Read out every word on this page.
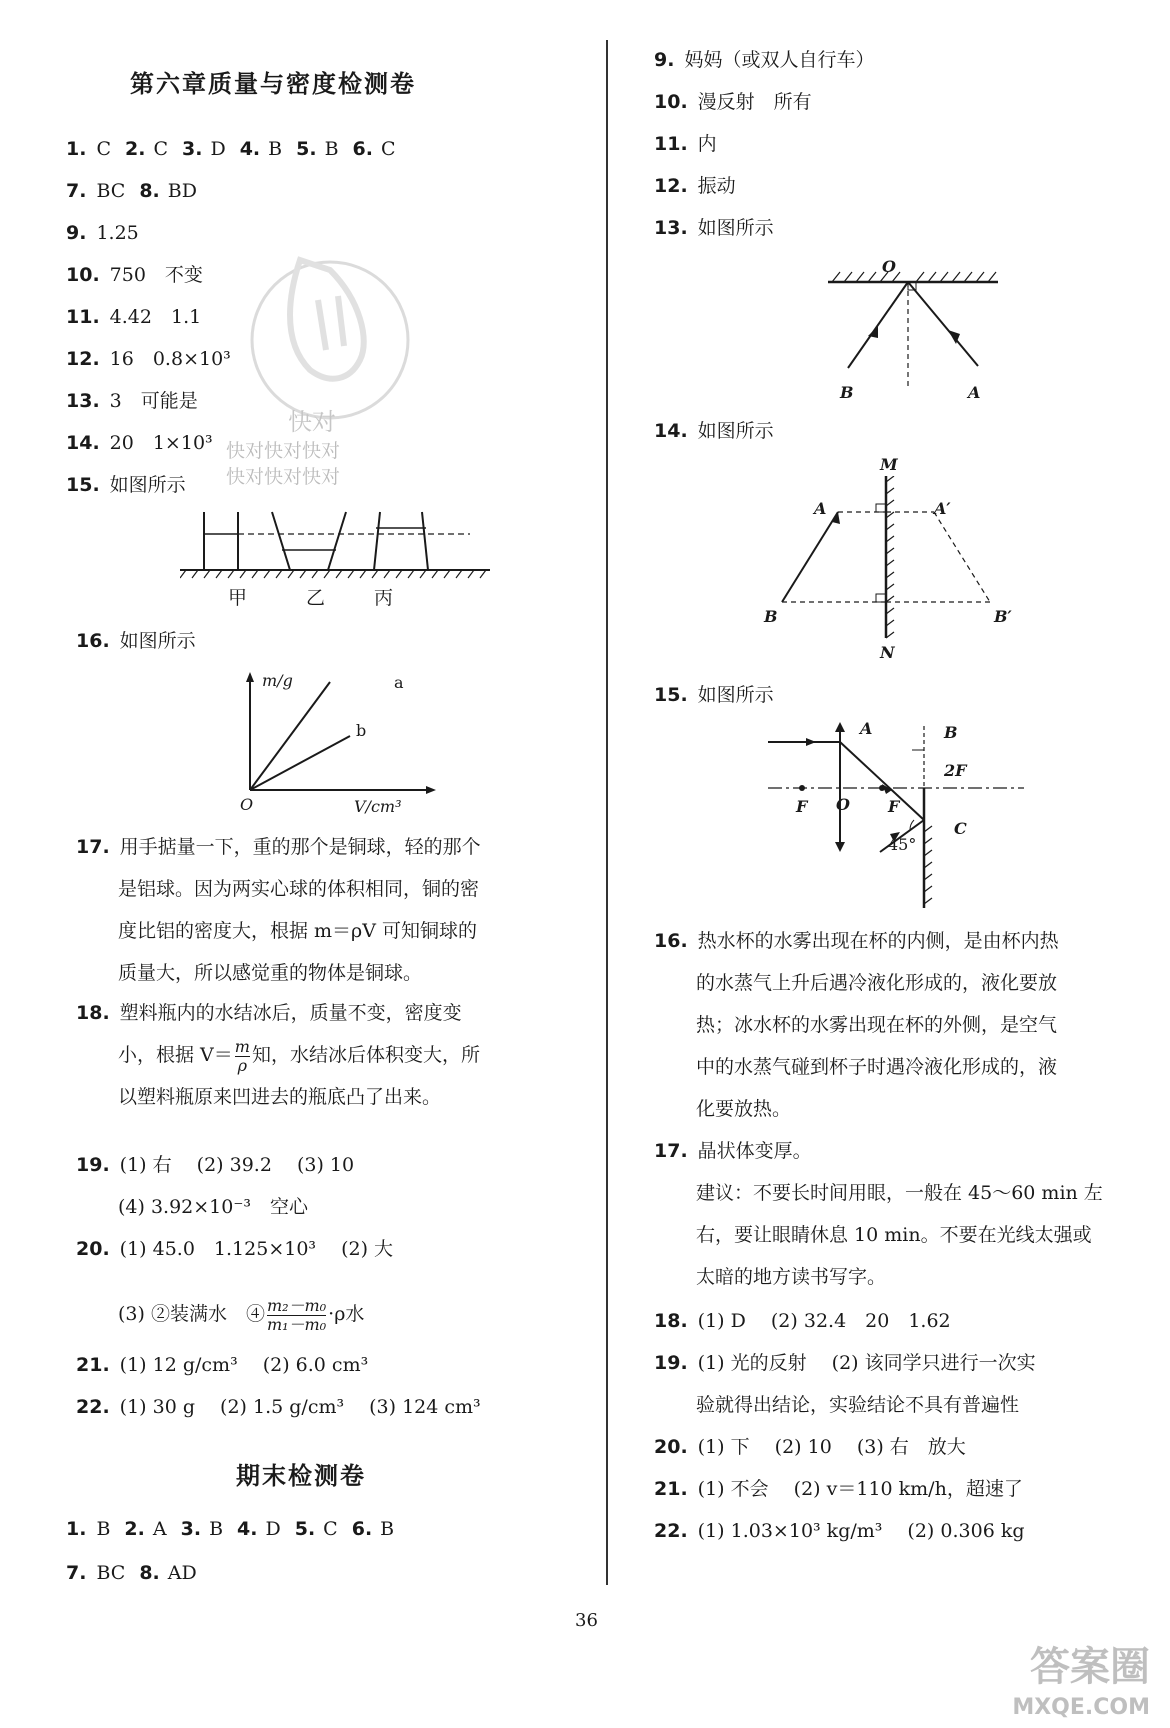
第六章质量与密度检测卷
1. C 2. C 3. D 4. B 5. B 6. C
7. BC 8. BD
9. 1.25
10. 750　不变
11. 4.42　1.1
12. 16　0.8×10³
13. 3　可能是
14. 20　1×10³
15. 如图所示
甲	乙	丙
16. 如图所示
m/g	a
b
O	V/cm³
17. 用手掂量一下，重的那个是铜球，轻的那个
是铝球。因为两实心球的体积相同，铜的密
度比铝的密度大，根据 m＝ρV 可知铜球的
质量大，所以感觉重的物体是铜球。
18. 塑料瓶内的水结冰后，质量不变，密度变
小，根据 $V= \frac{m}{\rho}$ 知，水结冰后体积变大，所
以塑料瓶原来凹进去的瓶底凸了出来。
19. (1) 右　 (2) 39.2　 (3) 10
(4) 3.92×10⁻³　空心
20. (1) 45.0　1.125×10³　 (2) 大
(3) ②装满水　④ $\frac{\text{m₂－m₀}}{\text{m₁－m₀}} \cdot\rho$水
21. (1) 12 g/cm³　 (2) 6.0 cm³
22. (1) 30 g　 (2) 1.5 g/cm³　 (3) 124 cm³
期末检测卷
1. B 2. A 3. B 4. D 5. C 6. B
7. BC 8. AD
快对
快对快对快对
快对快对快对
9. 妈妈（或双人自行车）
10. 漫反射　所有
11. 内
12. 振动
13. 如图所示
O
B	A
14. 如图所示
M
A	A′
B	B′
N
15. 如图所示
A	B
2F
F O F
C
45°
16. 热水杯的水雾出现在杯的内侧，是由杯内热
的水蒸气上升后遇冷液化形成的，液化要放
热；冰水杯的水雾出现在杯的外侧，是空气
中的水蒸气碰到杯子时遇冷液化形成的，液
化要放热。
17. 晶状体变厚。
建议：不要长时间用眼，一般在 45～60 min 左
右，要让眼睛休息 10 min。不要在光线太强或
太暗的地方读书写字。
18. (1) D　 (2) 32.4　20　1.62
19. (1) 光的反射　 (2) 该同学只进行一次实
验就得出结论，实验结论不具有普遍性
20. (1) 下　 (2) 10　 (3) 右　放大
21. (1) 不会　 (2) v＝110 km/h，超速了
22. (1) 1.03×10³ kg/m³　 (2) 0.306 kg
36
答案圈
MXQE.COM
